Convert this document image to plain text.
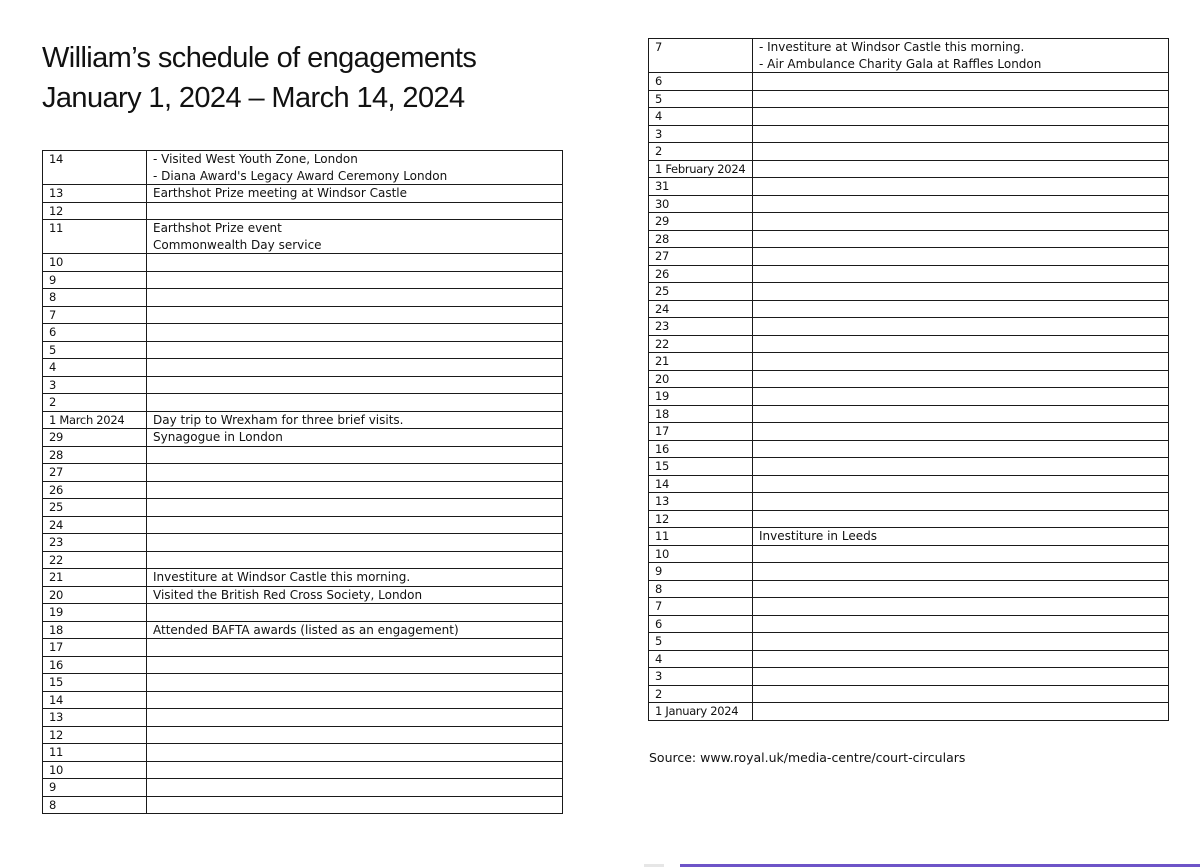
William’s schedule of engagements
January 1, 2024 – March 14, 2024
14	- Visited West Youth Zone, London
- Diana Award's Legacy Award Ceremony London

13	Earthshot Prize meeting at Windsor Castle

12	
11	Earthshot Prize event
Commonwealth Day service

10	
9	
8	
7	
6	
5	
4	
3	
2	
1 March 2024	Day trip to Wrexham for three brief visits.

29	Synagogue in London

28	
27	
26	
25	
24	
23	
22	
21	Investiture at Windsor Castle this morning.

20	Visited the British Red Cross Society, London

19	
18	Attended BAFTA awards (listed as an engagement)

17	
16	
15	
14	
13	
12	
11	
10	
9	
8	
7	- Investiture at Windsor Castle this morning.
- Air Ambulance Charity Gala at Raffles London

6	
5	
4	
3	
2	
1 February 2024	
31	
30	
29	
28	
27	
26	
25	
24	
23	
22	
21	
20	
19	
18	
17	
16	
15	
14	
13	
12	
11	Investiture in Leeds

10	
9	
8	
7	
6	
5	
4	
3	
2	
1 January 2024	
Source: www.royal.uk/media-centre/court-circulars
